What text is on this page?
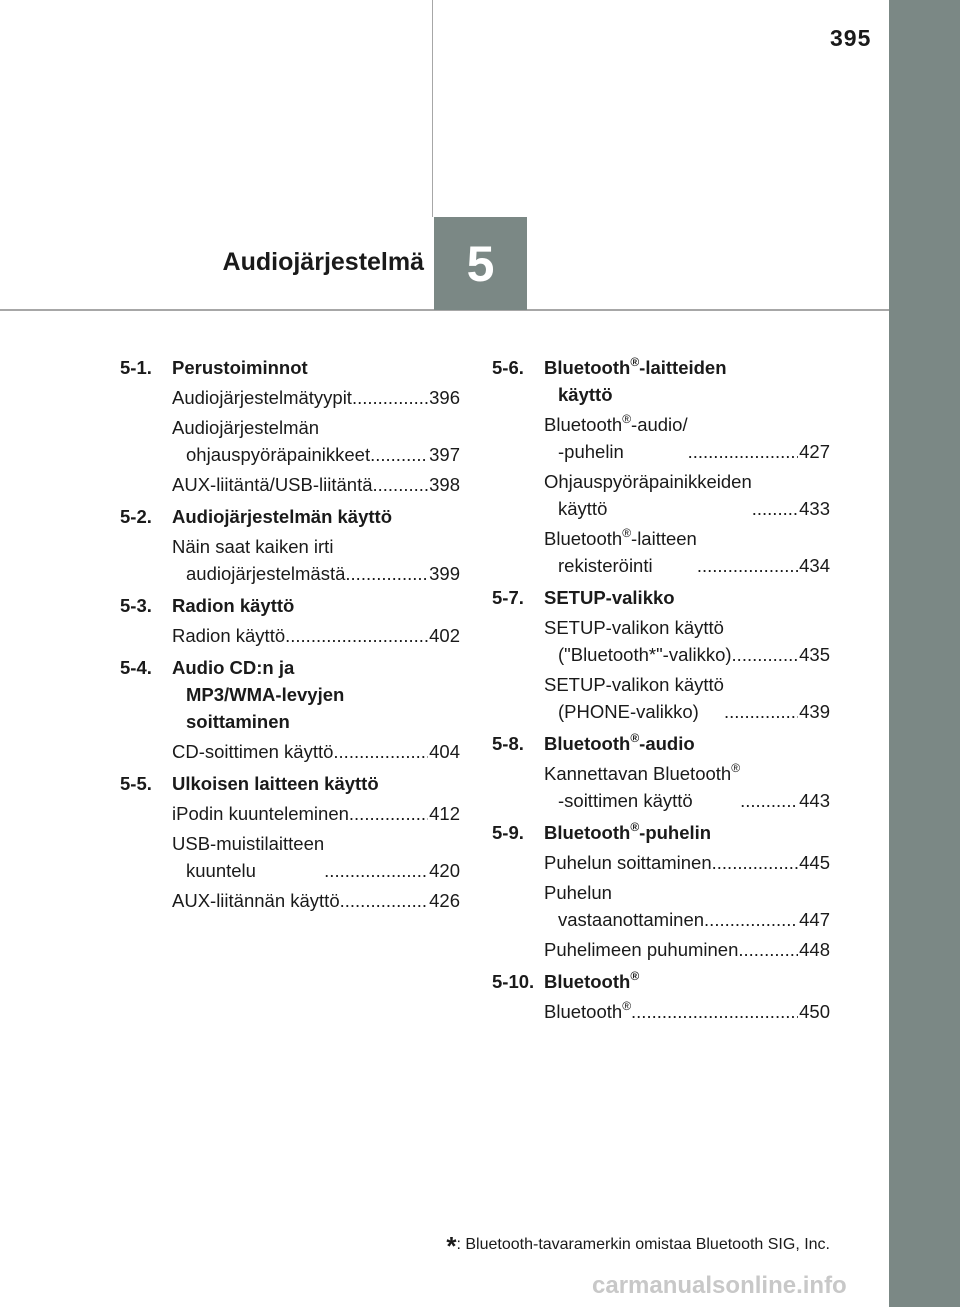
395
Audiojärjestelmä 5
5-1.	Perustoiminnot
Audiojärjestelmätyypit .....	396
Audiojärjestelmän
ohjauspyöräpainikkeet .....	397
AUX-liitäntä/USB-liitäntä .....	398
5-2.	Audiojärjestelmän käyttö
Näin saat kaiken irti
audiojärjestelmästä .....	399
5-3.	Radion käyttö
Radion käyttö .....	402
5-4.	Audio CD:n ja
MP3/WMA-levyjen
soittaminen
CD-soittimen käyttö .....	404
5-5.	Ulkoisen laitteen käyttö
iPodin kuunteleminen .....	412
USB-muistilaitteen
kuuntelu .....	420
AUX-liitännän käyttö .....	426
5-6.	Bluetooth®-laitteiden
käyttö
Bluetooth®-audio/
-puhelin .....	427
Ohjauspyöräpainikkeiden
käyttö .....	433
Bluetooth®-laitteen
rekisteröinti .....	434
5-7.	SETUP-valikko
SETUP-valikon käyttö
("Bluetooth*"-valikko) .....	435
SETUP-valikon käyttö
(PHONE-valikko) .....	439
5-8.	Bluetooth®-audio
Kannettavan Bluetooth®
-soittimen käyttö .....	443
5-9.	Bluetooth®-puhelin
Puhelun soittaminen .....	445
Puhelun
vastaanottaminen .....	447
Puhelimeen puhuminen .....	448
5-10. Bluetooth®
Bluetooth® .....	450
*: Bluetooth-tavaramerkin omistaa Bluetooth SIG, Inc.
carmanualsonline.info
